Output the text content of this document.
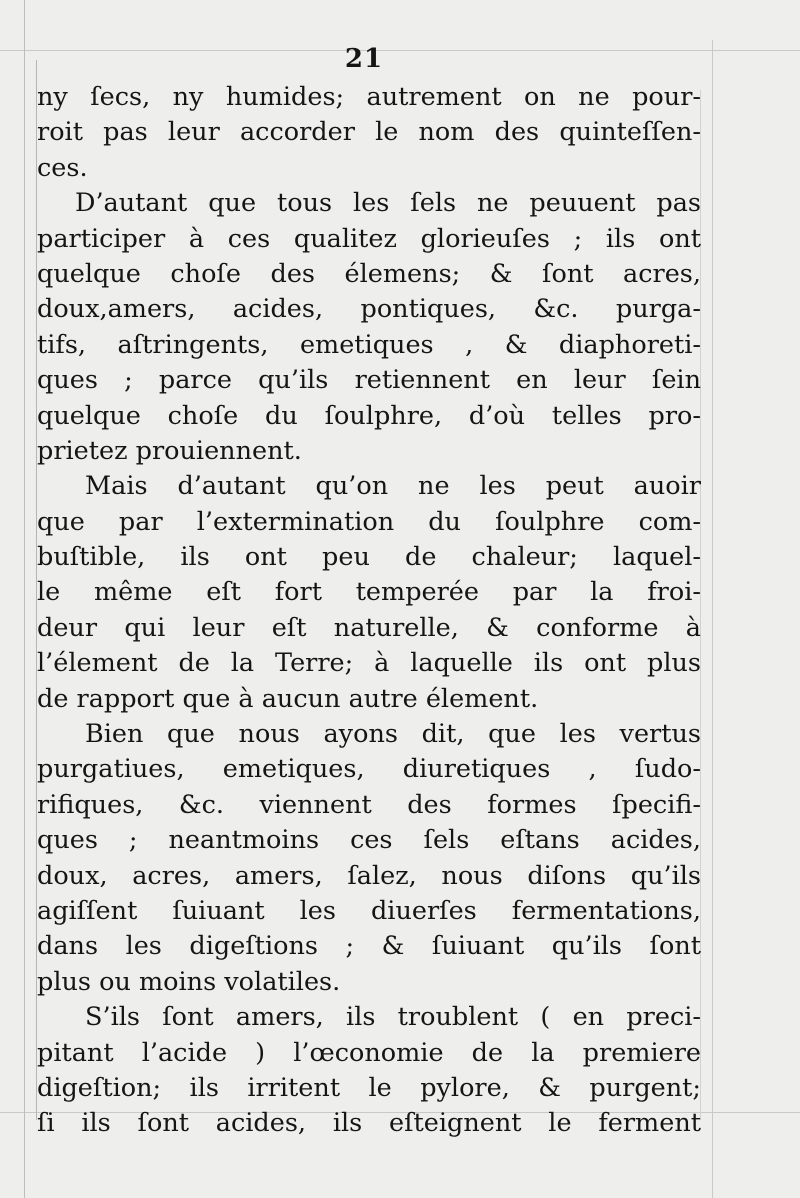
21
ny ſecs, ny humides; autrement on ne pour-
roit pas leur accorder le nom des quinteſſen-
ces.
D’autant que tous les ſels ne peuuent pas
participer à ces qualitez glorieuſes ; ils ont
quelque choſe des élemens; & ſont acres,
doux,amers, acides, pontiques, &c. purga-
tifs, aſtringents, emetiques , & diaphoreti-
ques ; parce qu’ils retiennent en leur ſein
quelque choſe du ſoulphre, d’où telles pro-
prietez prouiennent.
Mais d’autant qu’on ne les peut auoir
que par l’extermination du ſoulphre com-
buſtible, ils ont peu de chaleur; laquel-
le même eſt fort temperée par la froi-
deur qui leur eſt naturelle, & conforme à
l’élement de la Terre; à laquelle ils ont plus
de rapport que à aucun autre élement.
Bien que nous ayons dit, que les vertus
purgatiues, emetiques, diuretiques , ſudo-
rifiques, &c. viennent des formes ſpecifi-
ques ; neantmoins ces ſels eſtans acides,
doux, acres, amers, ſalez, nous diſons qu’ils
agiſſent ſuiuant les diuerſes fermentations,
dans les digeſtions ; & ſuiuant qu’ils ſont
plus ou moins volatiles.
S’ils ſont amers, ils troublent ( en preci-
pitant l’acide ) l’œconomie de la premiere
digeſtion; ils irritent le pylore, & purgent;
ſi ils ſont acides, ils eſteignent le ferment
